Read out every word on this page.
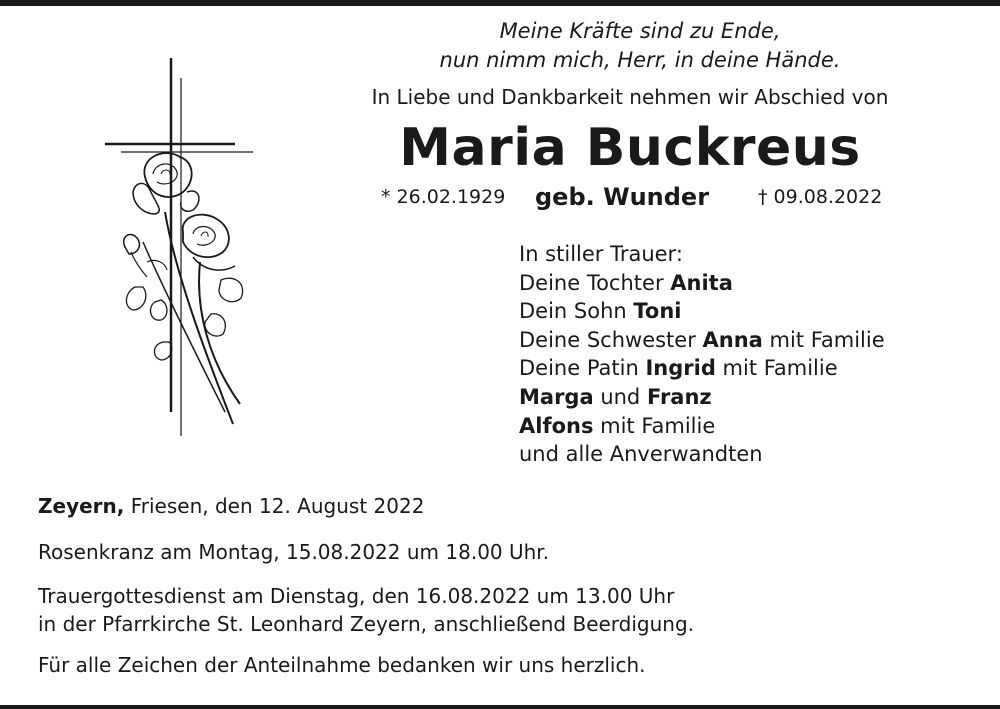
Meine Kräfte sind zu Ende,
nun nimm mich, Herr, in deine Hände.
In Liebe und Dankbarkeit nehmen wir Abschied von
Maria Buckreus
* 26.02.1929 geb. Wunder	† 09.08.2022
In stiller Trauer:
Deine Tochter Anita
Dein Sohn Toni
Deine Schwester Anna mit Familie
Deine Patin Ingrid mit Familie
Marga und Franz
Alfons mit Familie
und alle Anverwandten
Zeyern, Friesen, den 12. August 2022
Rosenkranz am Montag, 15.08.2022 um 18.00 Uhr.
Trauergottesdienst am Dienstag, den 16.08.2022 um 13.00 Uhr
in der Pfarrkirche St. Leonhard Zeyern, anschließend Beerdigung.
Für alle Zeichen der Anteilnahme bedanken wir uns herzlich.
